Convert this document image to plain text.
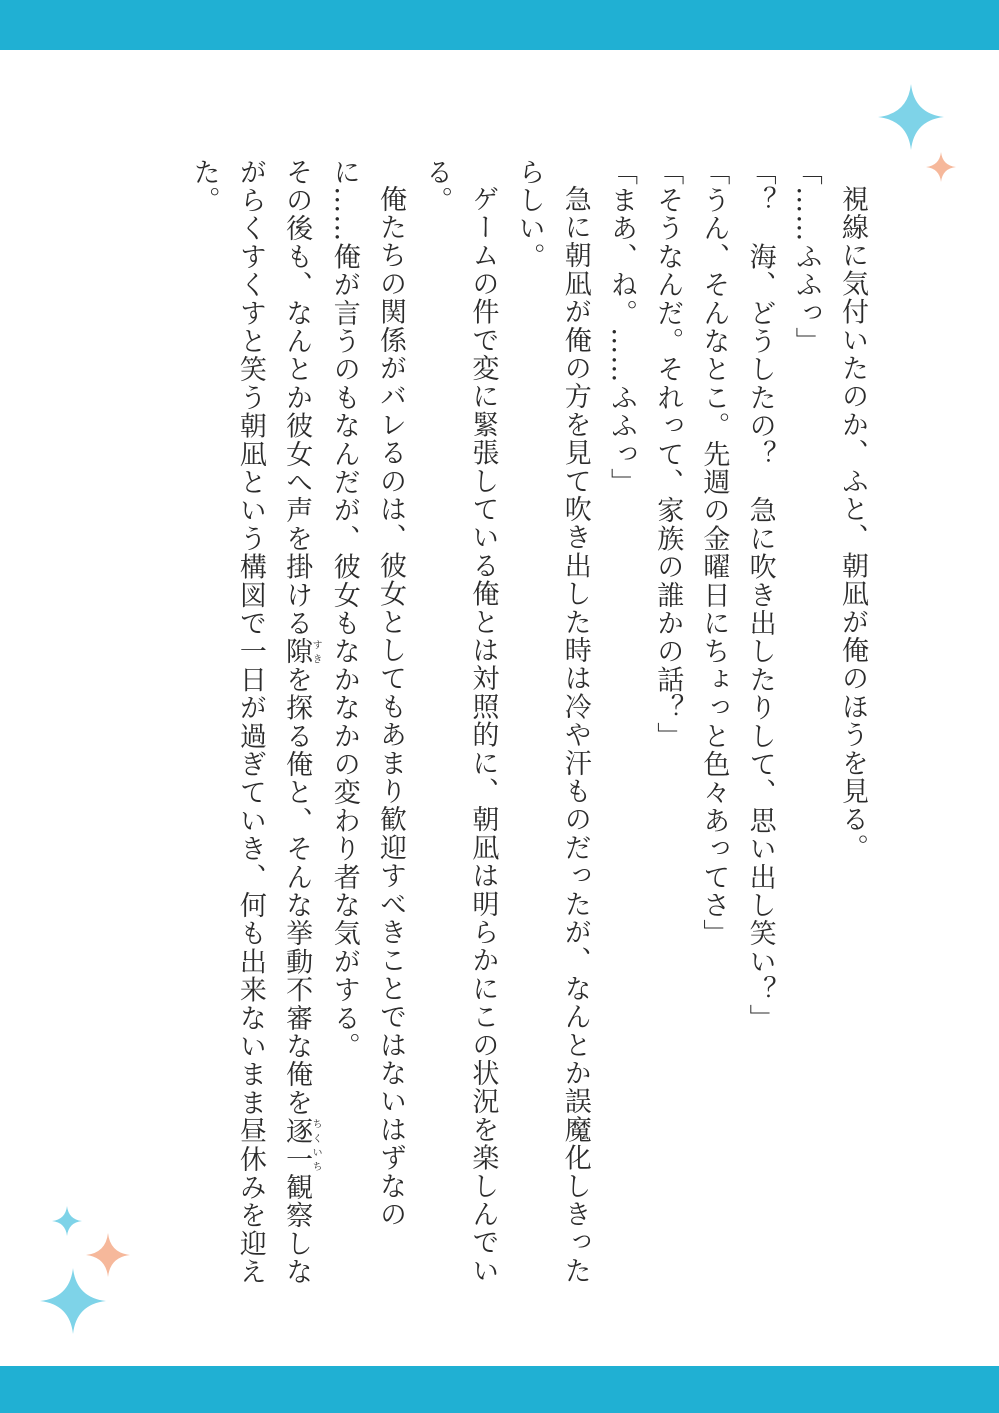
視線に気付いたのか、ふと、朝凪が俺のほうを見る。

「……ふふっ」

「？　海、どうしたの？　急に吹き出したりして、思い出し笑い？」

「うん、そんなとこ。先週の金曜日にちょっと色々あってさ」

「そうなんだ。それって、家族の誰かの話？」

「まあ、ね。……ふふっ」

急に朝凪が俺の方を見て吹き出した時は冷や汗ものだったが、なんとか誤魔化しきったらしい。

ゲームの件で変に緊張している俺とは対照的に、朝凪は明らかにこの状況を楽しんでいる。

俺たちの関係がバレるのは、彼女としてもあまり歓迎すべきことではないはずなのに……俺が言うのもなんだが、彼女もなかなかの変わり者な気がする。

その後も、なんとか彼女へ声を掛ける隙すきを探る俺と、そんな挙動不審な俺を逐一ちくいち観察しながらくすくすと笑う朝凪という構図で一日が過ぎていき、何も出来ないまま昼休みを迎えた。
